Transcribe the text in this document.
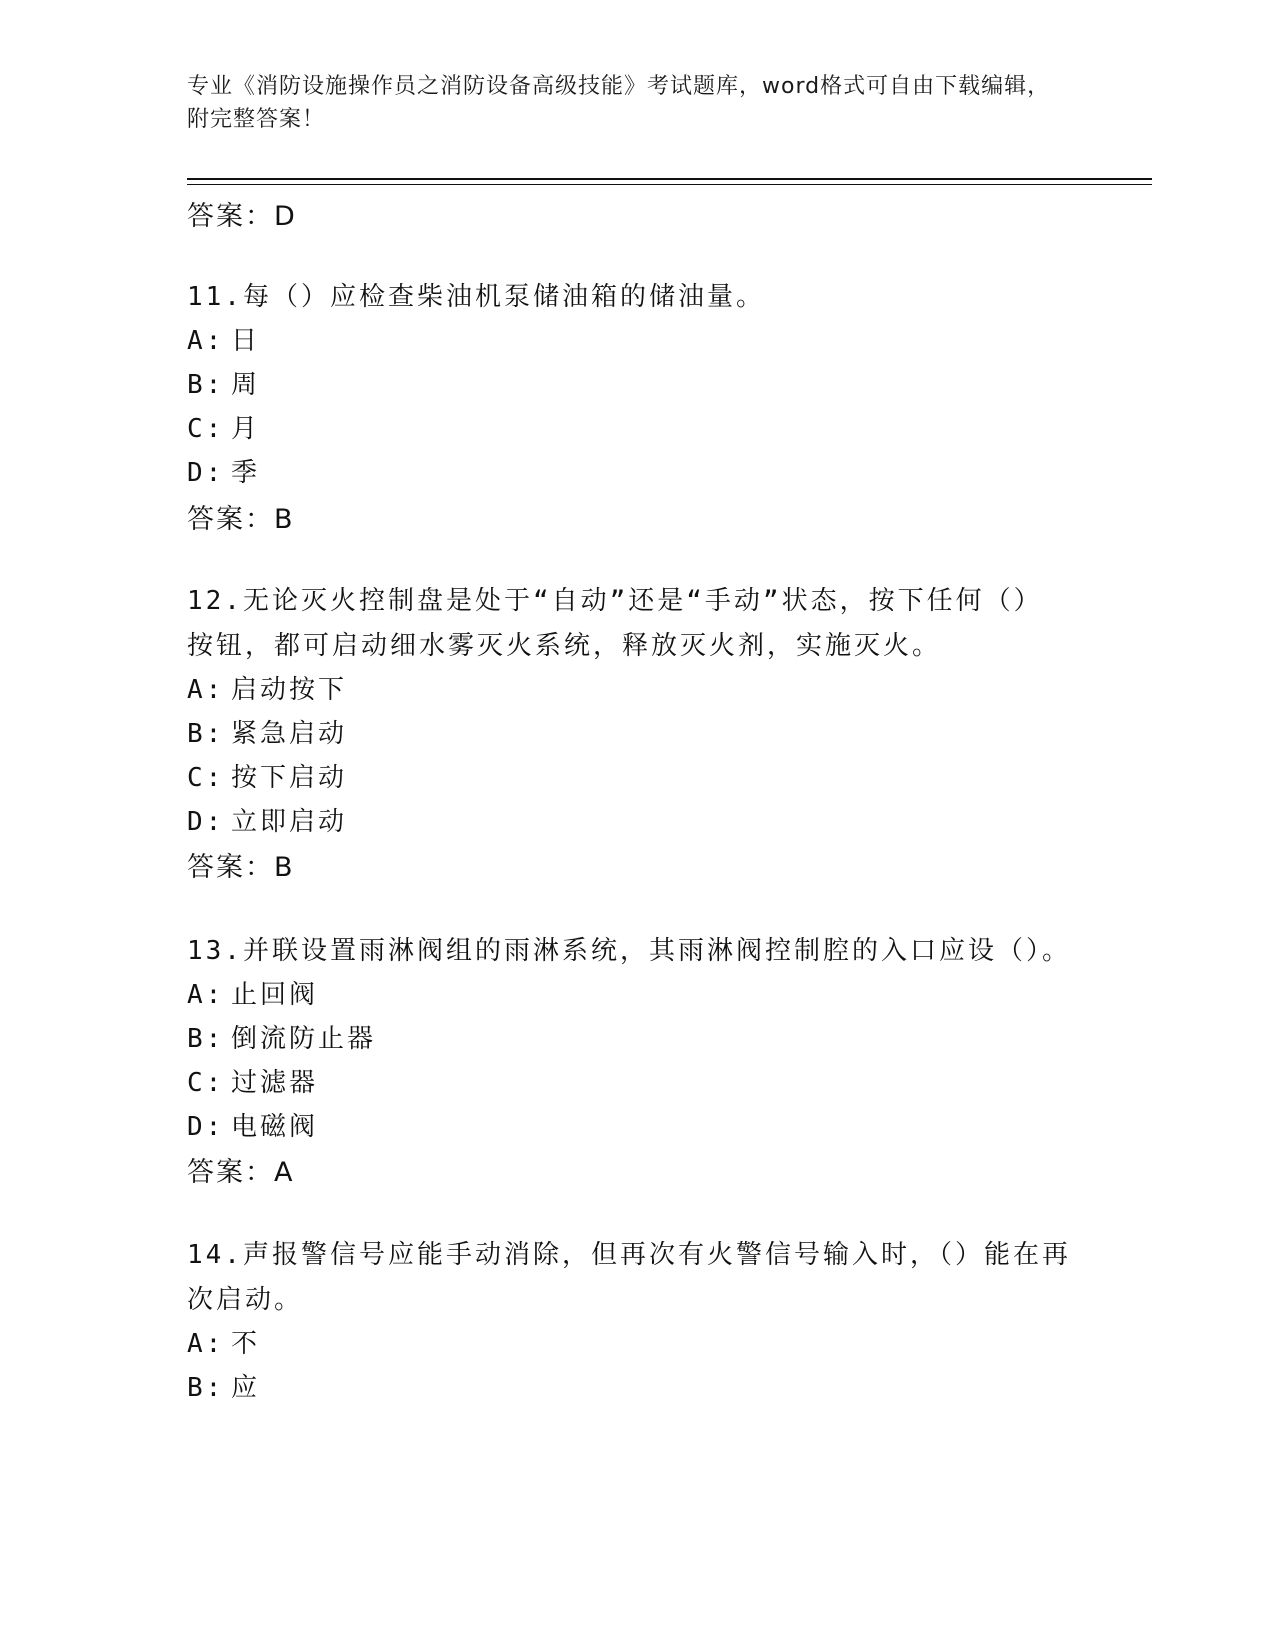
专业《消防设施操作员之消防设备高级技能》考试题库，word格式可自由下载编辑，附完整答案！
答案：D
11.每（）应检查柴油机泵储油箱的储油量。
A: 日
B: 周
C: 月
D: 季
答案：B
12.无论灭火控制盘是处于“自动”还是“手动”状态，按下任何（）
按钮，都可启动细水雾灭火系统，释放灭火剂，实施灭火。
A: 启动按下
B: 紧急启动
C: 按下启动
D: 立即启动
答案：B
13.并联设置雨淋阀组的雨淋系统，其雨淋阀控制腔的入口应设（）。
A: 止回阀
B: 倒流防止器
C: 过滤器
D: 电磁阀
答案：A
14.声报警信号应能手动消除，但再次有火警信号输入时，（）能在再
次启动。
A: 不
B: 应
